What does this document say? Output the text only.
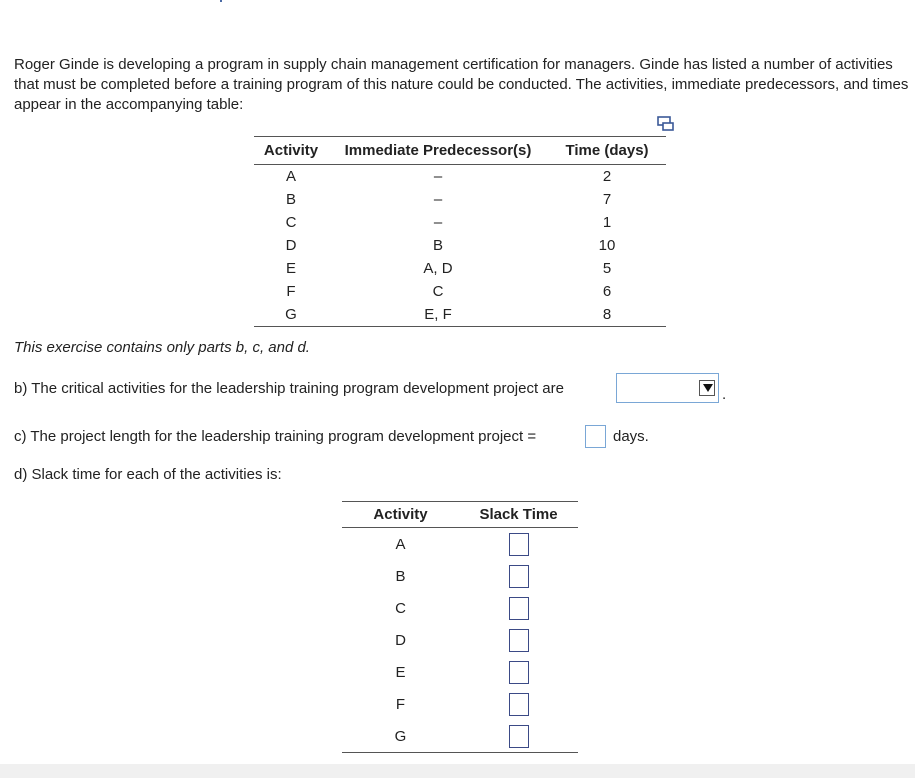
Roger Ginde is developing a program in supply chain management certification for managers. Ginde has listed a number of activities that must be completed before a training program of this nature could be conducted. The activities, immediate predecessors, and times appear in the accompanying table:

Activity	Immediate Predecessor(s)	Time (days)
A	–	2
B	–	7
C	–	1
D	B	10
E	A, D	5
F	C	6
G	E, F	8
This exercise contains only parts b, c, and d.
b) The critical activities for the leadership training program development project are	.
c) The project length for the leadership training program development project =	days.
d) Slack time for each of the activities is:
Activity	Slack Time
A	
B	
C	
D	
E	
F	
G	
